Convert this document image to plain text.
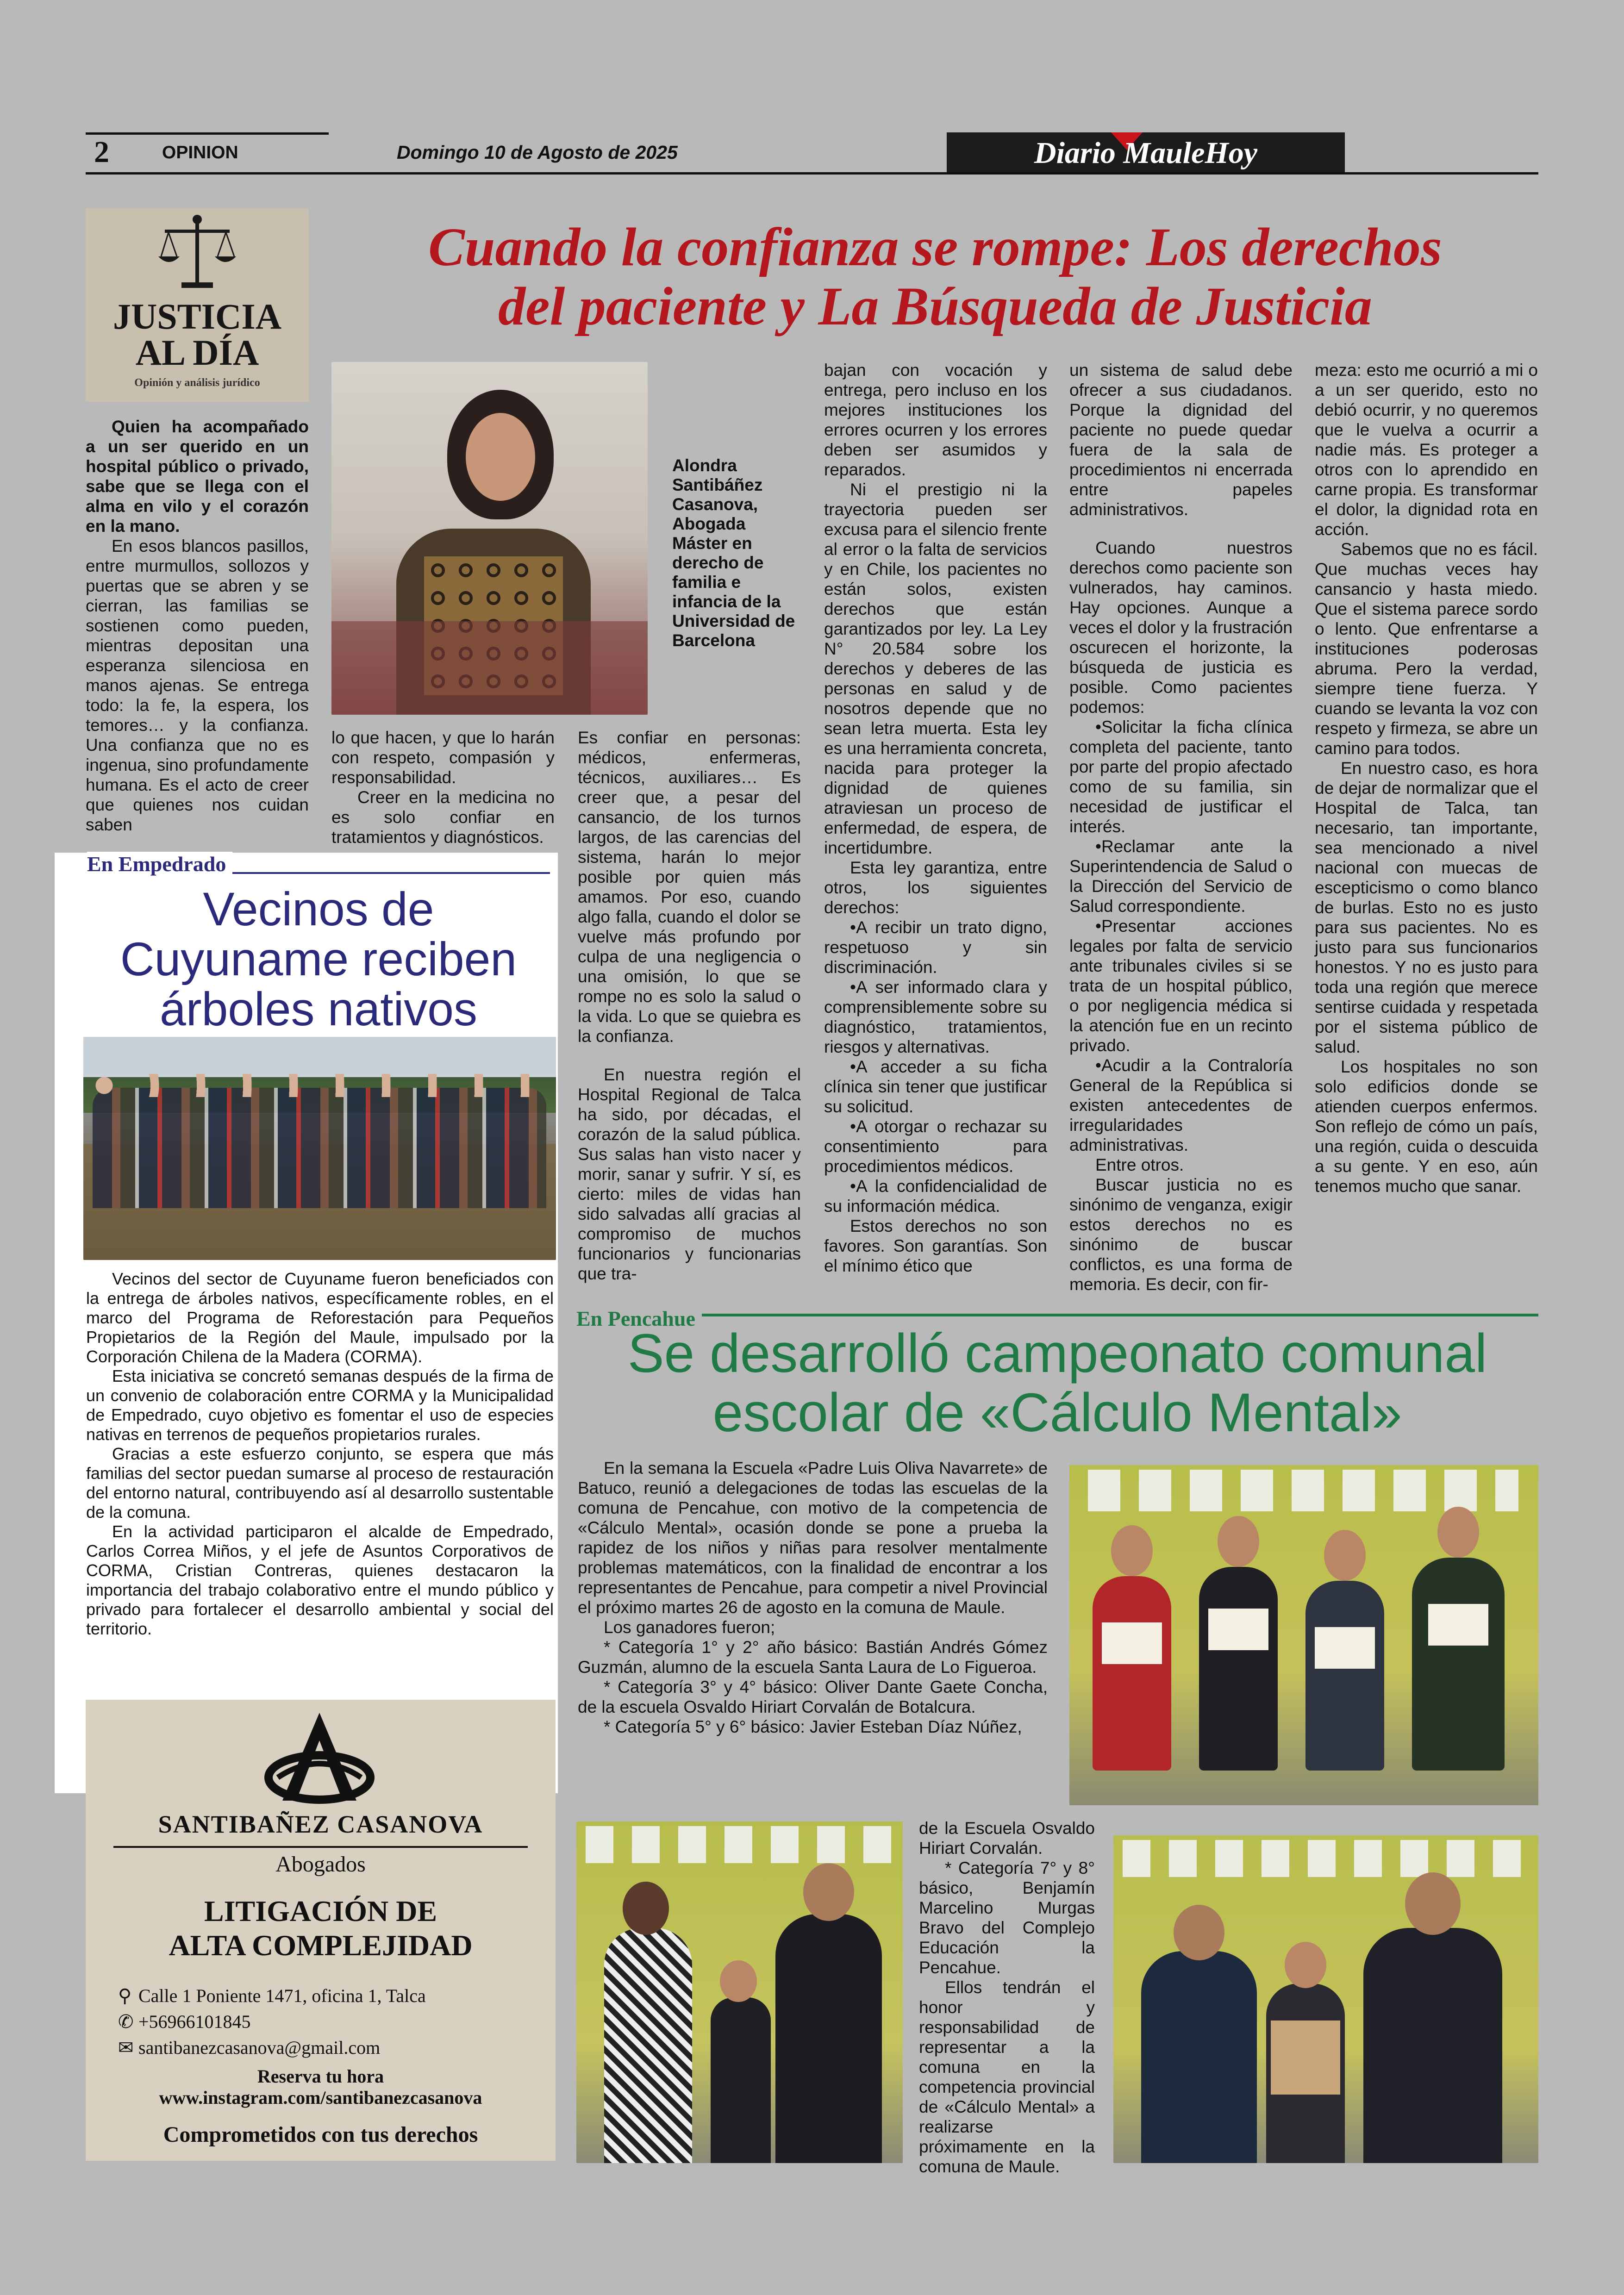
2	OPINION	Domingo 10 de Agosto de 2025	Diario MauleHoy
JUSTICIA
AL DÍA
Opinión y análisis jurídico
Cuando la confianza se rompe: Los derechos
del paciente y La Búsqueda de Justicia
Alondra Santibáñez Casanova, Abogada Máster en derecho de familia e infancia de la Universidad de Barcelona

Quien ha acompañado a un ser querido en un hospital público o privado, sabe que se llega con el alma en vilo y el corazón en la mano.

En esos blancos pasillos, entre murmullos, sollozos y puertas que se abren y se cierran, las familias se sostienen como pueden, mientras depositan una esperanza silenciosa en manos ajenas. Se entrega todo: la fe, la espera, los temores… y la confianza. Una confianza que no es ingenua, sino profundamente humana. Es el acto de creer que quienes nos cuidan saben

lo que hacen, y que lo harán con respeto, compasión y responsabilidad.

Creer en la medicina no es solo confiar en tratamientos y diagnósticos.

Es confiar en personas: médicos, enfermeras, técnicos, auxiliares… Es creer que, a pesar del cansancio, de los turnos largos, de las carencias del sistema, harán lo mejor posible por quien más amamos. Por eso, cuando algo falla, cuando el dolor se vuelve más profundo por culpa de una negligencia o una omisión, lo que se rompe no es solo la salud o la vida. Lo que se quiebra es la confianza.

En nuestra región el Hospital Regional de Talca ha sido, por décadas, el corazón de la salud pública. Sus salas han visto nacer y morir, sanar y sufrir. Y sí, es cierto: miles de vidas han sido salvadas allí gracias al compromiso de muchos funcionarios y funcionarias que tra-

bajan con vocación y entrega, pero incluso en los mejores instituciones los errores ocurren y los errores deben ser asumidos y reparados.

Ni el prestigio ni la trayectoria pueden ser excusa para el silencio frente al error o la falta de servicios y en Chile, los pacientes no están solos, existen derechos que están garantizados por ley. La Ley N° 20.584 sobre los derechos y deberes de las personas en salud y de nosotros depende que no sean letra muerta. Esta ley es una herramienta concreta, nacida para proteger la dignidad de quienes atraviesan un proceso de enfermedad, de espera, de incertidumbre.

Esta ley garantiza, entre otros, los siguientes derechos:

•A recibir un trato digno, respetuoso y sin discriminación.

•A ser informado clara y comprensiblemente sobre su diagnóstico, tratamientos, riesgos y alternativas.

•A acceder a su ficha clínica sin tener que justificar su solicitud.

•A otorgar o rechazar su consentimiento para procedimientos médicos.

•A la confidencialidad de su información médica.

Estos derechos no son favores. Son garantías. Son el mínimo ético que

un sistema de salud debe ofrecer a sus ciudadanos. Porque la dignidad del paciente no puede quedar fuera de la sala de procedimientos ni encerrada entre papeles administrativos.

Cuando nuestros derechos como paciente son vulnerados, hay caminos. Hay opciones. Aunque a veces el dolor y la frustración oscurecen el horizonte, la búsqueda de justicia es posible. Como pacientes podemos:

•Solicitar la ficha clínica completa del paciente, tanto por parte del propio afectado como de su familia, sin necesidad de justificar el interés.

•Reclamar ante la Superintendencia de Salud o la Dirección del Servicio de Salud correspondiente.

•Presentar acciones legales por falta de servicio ante tribunales civiles si se trata de un hospital público, o por negligencia médica si la atención fue en un recinto privado.

•Acudir a la Contraloría General de la República si existen antecedentes de irregularidades administrativas.

Entre otros.

Buscar justicia no es sinónimo de venganza, exigir estos derechos no es sinónimo de buscar conflictos, es una forma de memoria. Es decir, con fir-

meza: esto me ocurrió a mi o a un ser querido, esto no debió ocurrir, y no queremos que le vuelva a ocurrir a nadie más. Es proteger a otros con lo aprendido en carne propia. Es transformar el dolor, la dignidad rota en acción.

Sabemos que no es fácil. Que muchas veces hay cansancio y hasta miedo. Que el sistema parece sordo o lento. Que enfrentarse a instituciones poderosas abruma. Pero la verdad, siempre tiene fuerza. Y cuando se levanta la voz con respeto y firmeza, se abre un camino para todos.

En nuestro caso, es hora de dejar de normalizar que el Hospital de Talca, tan necesario, tan importante, sea mencionado a nivel nacional con muecas de escepticismo o como blanco de burlas. Esto no es justo para sus pacientes. No es justo para sus funcionarios honestos. Y no es justo para toda una región que merece sentirse cuidada y respetada por el sistema público de salud.

Los hospitales no son solo edificios donde se atienden cuerpos enfermos. Son reflejo de cómo un país, una región, cuida o descuida a su gente. Y en eso, aún tenemos mucho que sanar.

En Empedrado
Vecinos de
Cuyuname reciben
árboles nativos

Vecinos del sector de Cuyuname fueron beneficiados con la entrega de árboles nativos, específicamente robles, en el marco del Programa de Reforestación para Pequeños Propietarios de la Región del Maule, impulsado por la Corporación Chilena de la Madera (CORMA).

Esta iniciativa se concretó semanas después de la firma de un convenio de colaboración entre CORMA y la Municipalidad de Empedrado, cuyo objetivo es fomentar el uso de especies nativas en terrenos de pequeños propietarios rurales.

Gracias a este esfuerzo conjunto, se espera que más familias del sector puedan sumarse al proceso de restauración del entorno natural, contribuyendo así al desarrollo sustentable de la comuna.

En la actividad participaron el alcalde de Empedrado, Carlos Correa Miños, y el jefe de Asuntos Corporativos de CORMA, Cristian Contreras, quienes destacaron la importancia del trabajo colaborativo entre el mundo público y privado para fortalecer el desarrollo ambiental y social del territorio.

SANTIBAÑEZ CASANOVA
Abogados
LITIGACIÓN DE
ALTA COMPLEJIDAD
⚲ Calle 1 Poniente 1471, oficina 1, Talca
✆ +56966101845
✉ santibanezcasanova@gmail.com
Reserva tu hora
www.instagram.com/santibanezcasanova
Comprometidos con tus derechos
En Pencahue
Se desarrolló campeonato comunal
escolar de «Cálculo Mental»

En la semana la Escuela «Padre Luis Oliva Navarrete» de Batuco, reunió a delegaciones de todas las escuelas de la comuna de Pencahue, con motivo de la competencia de «Cálculo Mental», ocasión donde se pone a prueba la rapidez de los niños y niñas para resolver mentalmente problemas matemáticos, con la finalidad de encontrar a los representantes de Pencahue, para competir a nivel Provincial el próximo martes 26 de agosto en la comuna de Maule.

Los ganadores fueron;

* Categoría 1° y 2° año básico: Bastián Andrés Gómez Guzmán, alumno de la escuela Santa Laura de Lo Figueroa.

* Categoría 3° y 4° básico: Oliver Dante Gaete Concha, de la escuela Osvaldo Hiriart Corvalán de Botalcura.

* Categoría 5° y 6° básico: Javier Esteban Díaz Núñez,

de la Escuela Osvaldo Hiriart Corvalán.

* Categoría 7° y 8° básico, Benjamín Marcelino Murgas Bravo del Complejo Educación la Pencahue.

Ellos tendrán el honor y responsabilidad de representar a la comuna en la competencia provincial de «Cálculo Mental» a realizarse próximamente en la comuna de Maule.
